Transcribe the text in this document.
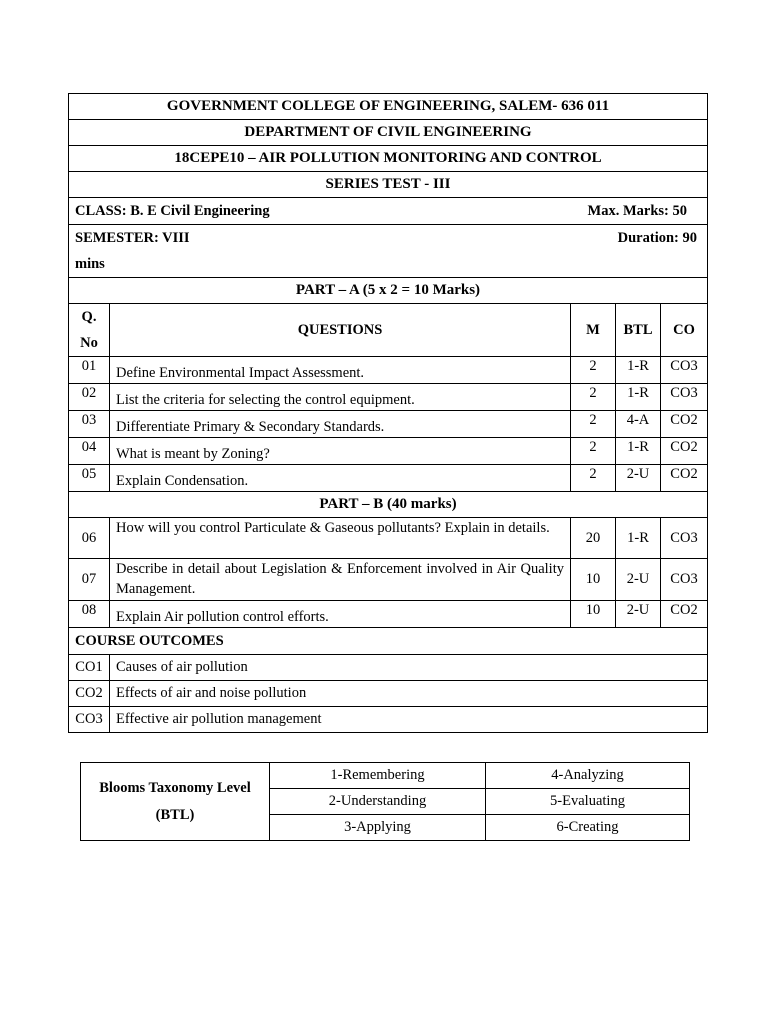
GOVERNMENT COLLEGE OF ENGINEERING, SALEM- 636 011				
DEPARTMENT OF CIVIL ENGINEERING				
18CEPE10 – AIR POLLUTION MONITORING AND CONTROL				
SERIES TEST - III				
CLASS: B. E Civil Engineering Max. Marks: 50				

SEMESTER: VIII Duration: 90

mins				
PART – A (5 x 2 = 10 Marks)				
Q.
No	QUESTIONS	M	BTL	CO
01	Define Environmental Impact Assessment.	2	1-R	CO3
02	List the criteria for selecting the control equipment.	2	1-R	CO3
03	Differentiate Primary & Secondary Standards.	2	4-A	CO2
04	What is meant by Zoning?	2	1-R	CO2
05	Explain Condensation.	2	2-U	CO2
PART – B (40 marks)				
06	How will you control Particulate & Gaseous pollutants? Explain in details.	20	1-R	CO3
07	Describe in detail about Legislation & Enforcement involved in Air Quality Management.	10	2-U	CO3
08	Explain Air pollution control efforts.	10	2-U	CO2
COURSE OUTCOMES				
CO1	Causes of air pollution			
CO2	Effects of air and noise pollution			
CO3	Effective air pollution management			
Blooms Taxonomy Level
(BTL)	1-Remembering	4-Analyzing
	2-Understanding	5-Evaluating
	3-Applying	6-Creating
